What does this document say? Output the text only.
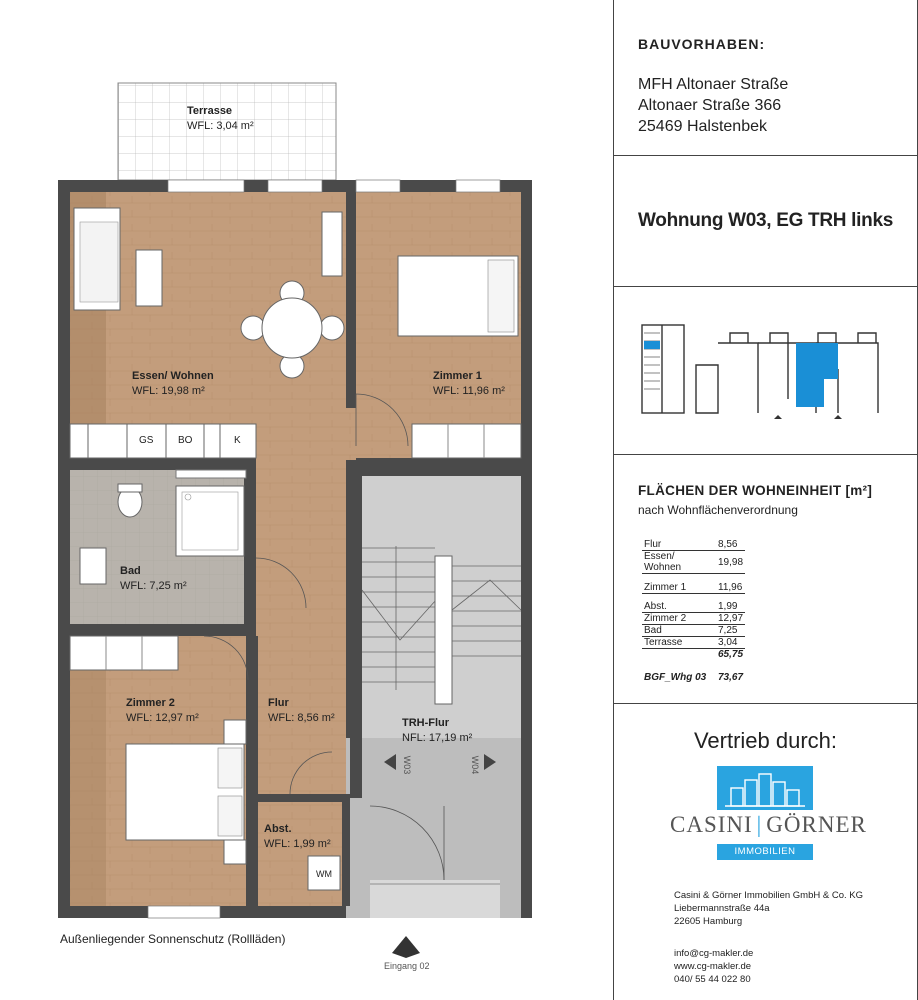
W03	W04
Terrasse
WFL: 3,04 m²
Essen/ Wohnen
WFL: 19,98 m²
Zimmer 1
WFL: 11,96 m²
Bad
WFL: 7,25 m²
Zimmer 2
WFL: 12,97 m²
Flur
WFL: 8,56 m²
Abst.
WFL: 1,99 m²
TRH-Flur
NFL: 17,19 m²
GS BO	K
WM
Außenliegender Sonnenschutz (Rollläden)
Eingang 02
BAUVORHABEN:
MFH Altonaer Straße
Altonaer Straße 366
25469 Halstenbek
Wohnung W03, EG TRH links
FLÄCHEN DER WOHNEINHEIT [m²]
nach Wohnflächenverordnung
Flur	8,56
Essen/ Wohnen	19,98
Zimmer 1	11,96
Abst.	1,99
Zimmer 2	12,97
Bad	7,25
Terrasse	3,04
	65,75
BGF_Whg 03	73,67
Vertrieb durch:
CASINI | GÖRNER
IMMOBILIEN
Casini & Görner Immobilien GmbH & Co. KG
Liebermannstraße 44a
22605 Hamburg
info@cg-makler.de
www.cg-makler.de
040/ 55 44 022 80
